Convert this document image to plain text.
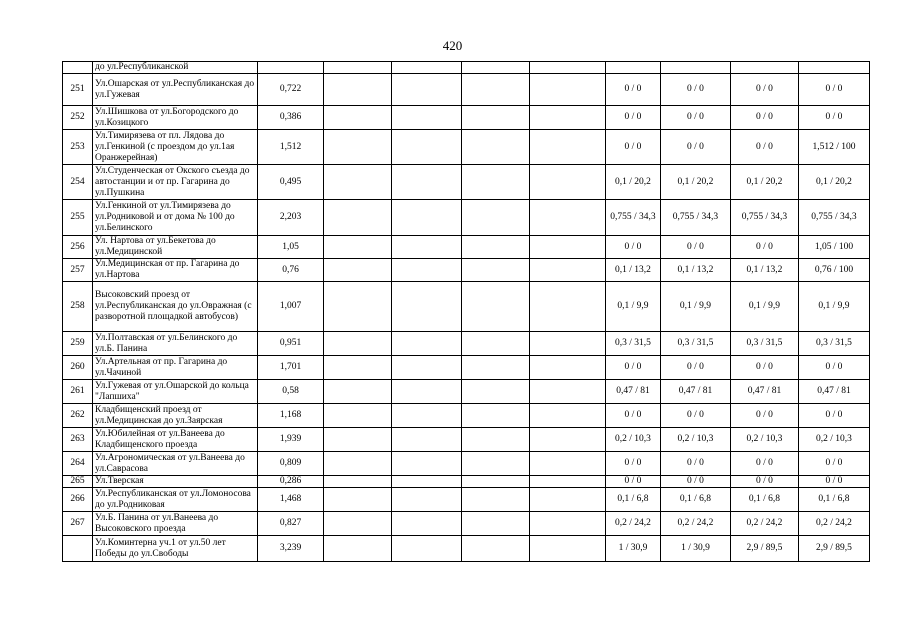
420
	до ул.Республиканской									
251	Ул.Ошарская от ул.Республиканская до ул.Гужевая	0,722					0 / 0	0 / 0	0 / 0	0 / 0
252	Ул.Шишкова от ул.Богородского до ул.Козицкого	0,386					0 / 0	0 / 0	0 / 0	0 / 0
253	Ул.Тимирязева от пл. Лядова до ул.Генкиной (с проездом до ул.1ая Оранжерейная)	1,512					0 / 0	0 / 0	0 / 0	1,512 / 100
254	Ул.Студенческая от Окского съезда до автостанции и от пр. Гагарина до ул.Пушкина	0,495					0,1 / 20,2	0,1 / 20,2	0,1 / 20,2	0,1 / 20,2
255	Ул.Генкиной от ул.Тимирязева до ул.Родниковой и от дома № 100 до ул.Белинского	2,203					0,755 / 34,3	0,755 / 34,3	0,755 / 34,3	0,755 / 34,3
256	Ул. Нартова от ул.Бекетова до ул.Медицинской	1,05					0 / 0	0 / 0	0 / 0	1,05 / 100
257	Ул.Медицинская от пр. Гагарина до ул.Нартова	0,76					0,1 / 13,2	0,1 / 13,2	0,1 / 13,2	0,76 / 100
258	Высоковский проезд от ул.Республиканская до ул.Овражная (с разворотной площадкой автобусов)	1,007					0,1 / 9,9	0,1 / 9,9	0,1 / 9,9	0,1 / 9,9
259	Ул.Полтавская от ул.Белинского до ул.Б. Панина	0,951					0,3 / 31,5	0,3 / 31,5	0,3 / 31,5	0,3 / 31,5
260	Ул.Артельная от пр. Гагарина до ул.Чачиной	1,701					0 / 0	0 / 0	0 / 0	0 / 0
261	Ул.Гужевая от ул.Ошарской до кольца "Лапшиха"	0,58					0,47 / 81	0,47 / 81	0,47 / 81	0,47 / 81
262	Кладбищенский проезд от ул.Медицинская до ул.Заярская	1,168					0 / 0	0 / 0	0 / 0	0 / 0
263	Ул.Юбилейная от ул.Ванеева до Кладбищенского проезда	1,939					0,2 / 10,3	0,2 / 10,3	0,2 / 10,3	0,2 / 10,3
264	Ул.Агрономическая от ул.Ванеева до ул.Саврасова	0,809					0 / 0	0 / 0	0 / 0	0 / 0
265	Ул.Тверская	0,286					0 / 0	0 / 0	0 / 0	0 / 0
266	Ул.Республиканская от ул.Ломоносова до ул.Родниковая	1,468					0,1 / 6,8	0,1 / 6,8	0,1 / 6,8	0,1 / 6,8
267	Ул.Б. Панина от ул.Ванеева до Высоковского проезда	0,827					0,2 / 24,2	0,2 / 24,2	0,2 / 24,2	0,2 / 24,2
	Ул.Коминтерна уч.1 от ул.50 лет Победы до ул.Свободы	3,239					1 / 30,9	1 / 30,9	2,9 / 89,5	2,9 / 89,5
